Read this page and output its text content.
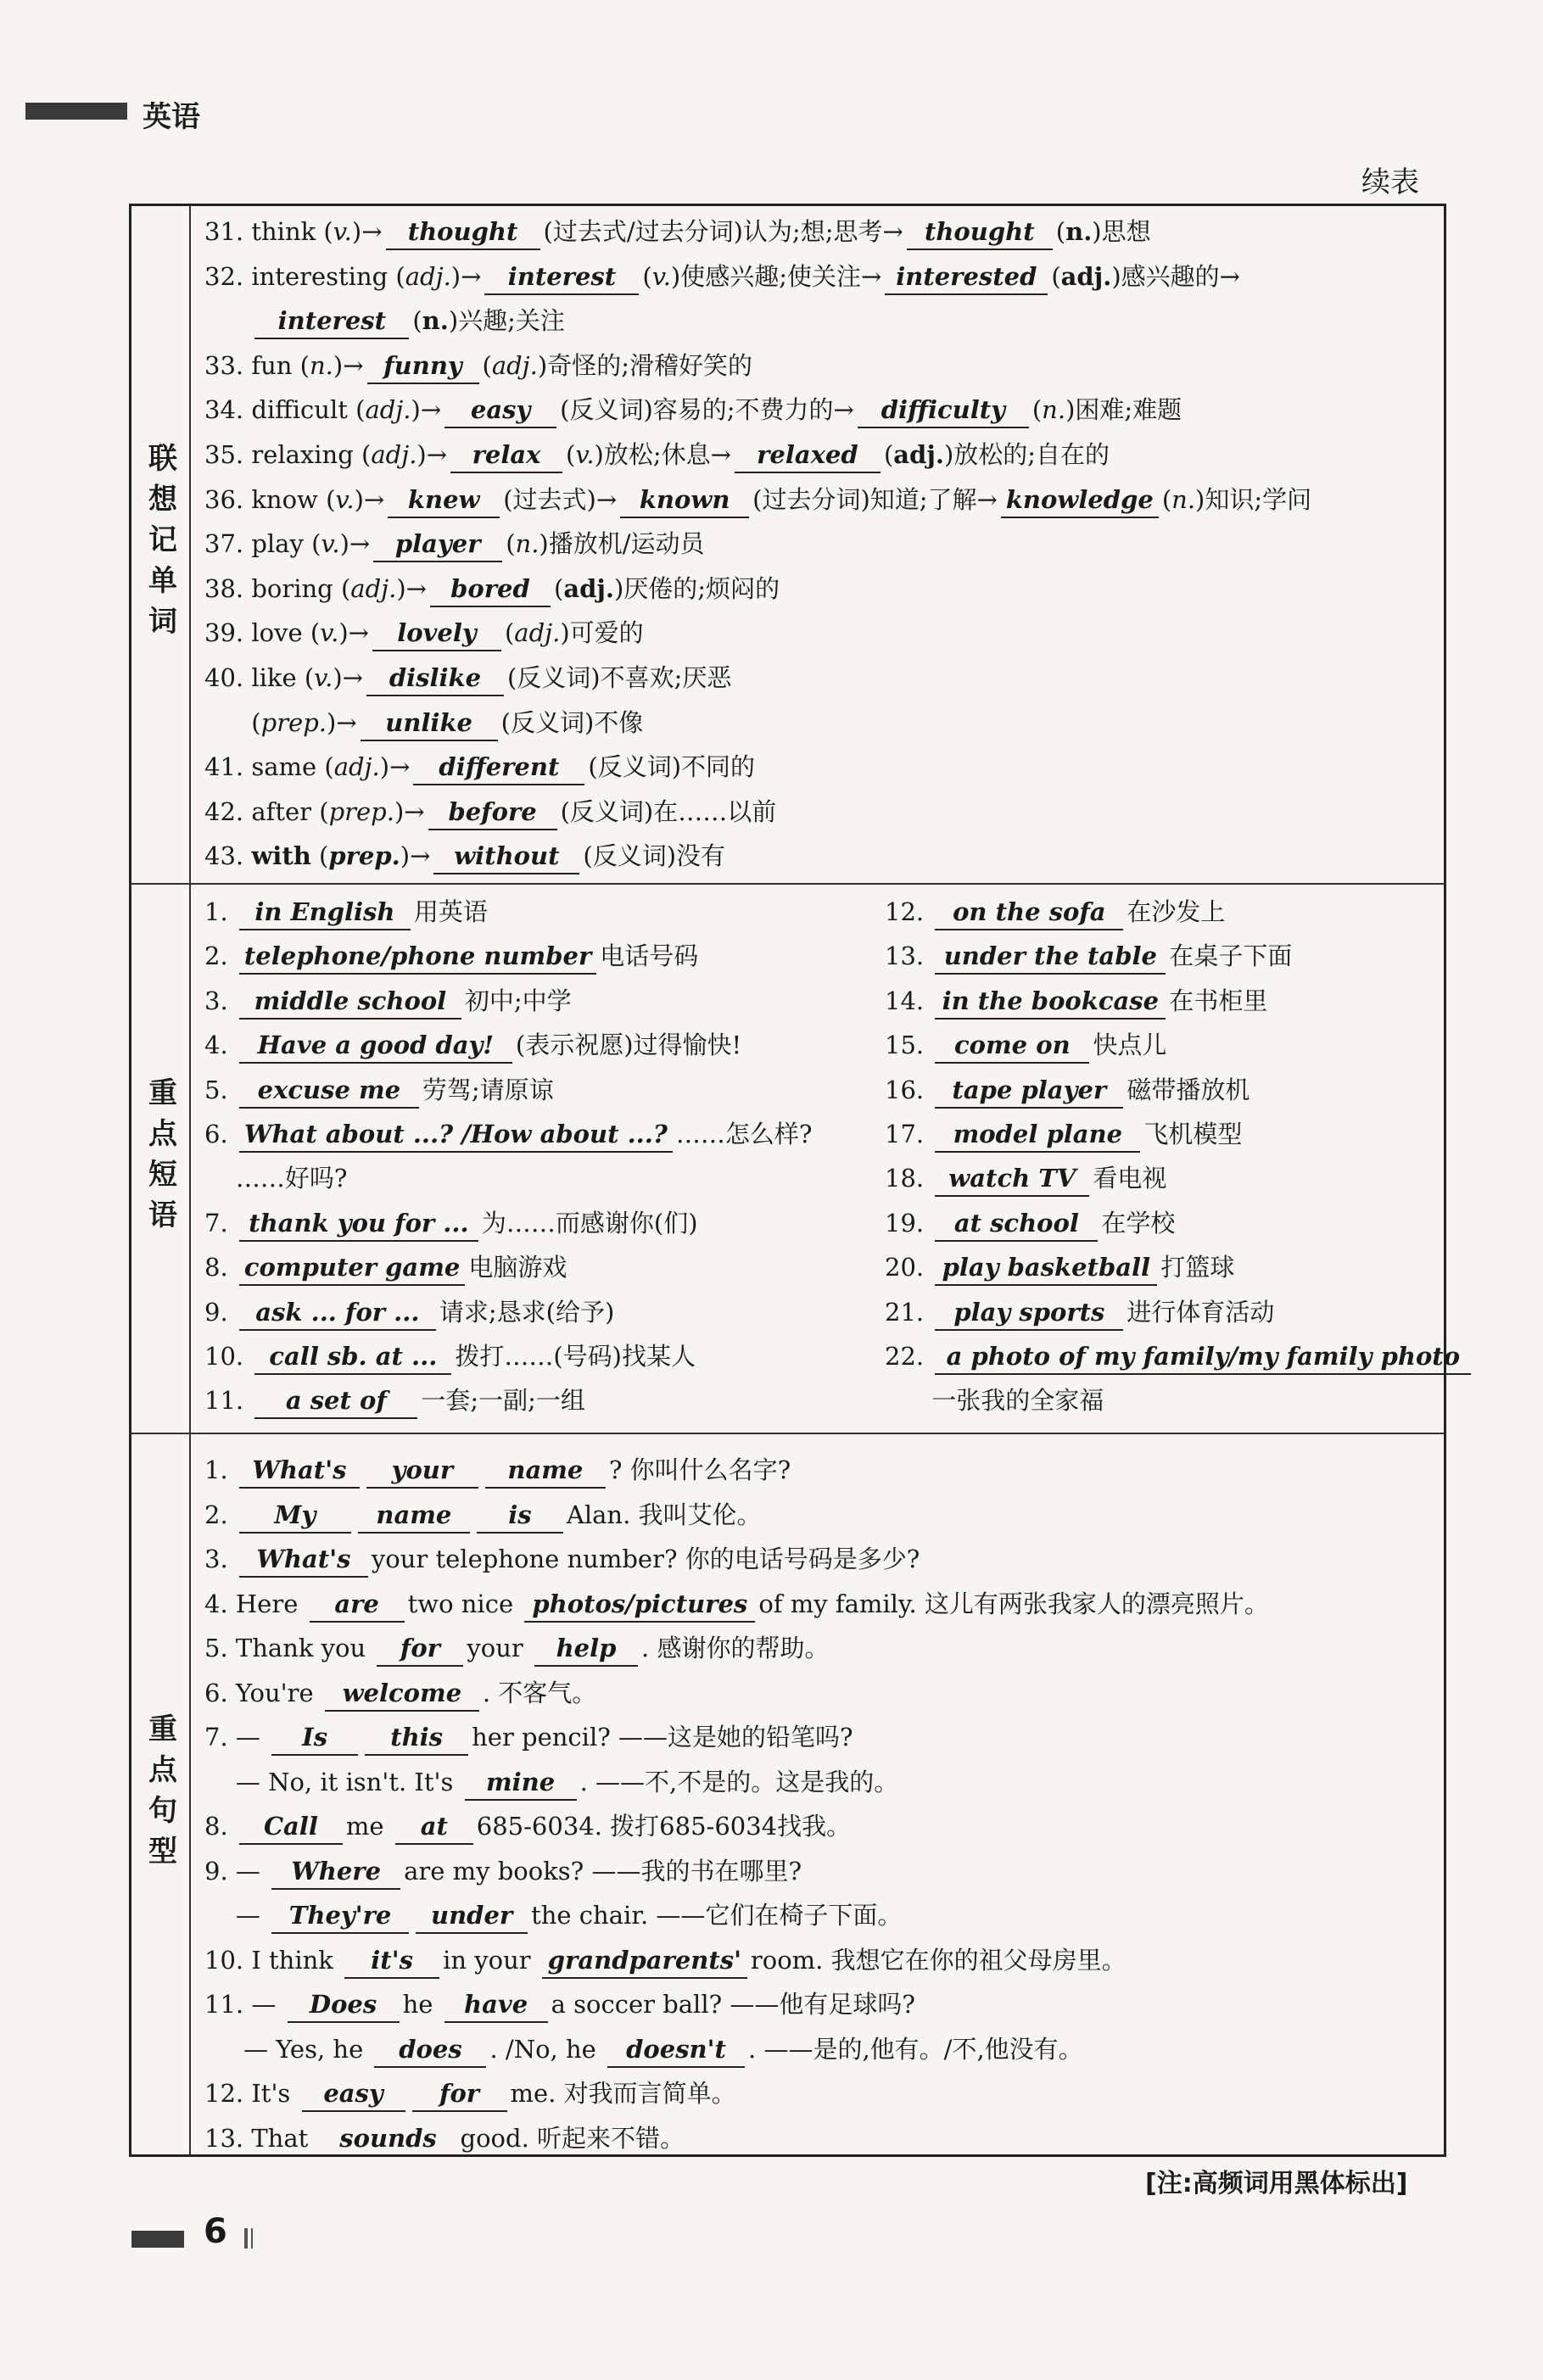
英语
续表
联想记单词
31. think (v.)→ thought (过去式/过去分词)认为;想;思考→ thought (n.)思想
32. interesting (adj.)→ interest (v.)使感兴趣;使关注→ interested (adj.)感兴趣的→
interest (n.)兴趣;关注
33. fun (n.)→ funny (adj.)奇怪的;滑稽好笑的
34. difficult (adj.)→ easy (反义词)容易的;不费力的→ difficulty (n.)困难;难题
35. relaxing (adj.)→ relax (v.)放松;休息→ relaxed (adj.)放松的;自在的
36. know (v.)→ knew (过去式)→ known (过去分词)知道;了解→ knowledge (n.)知识;学问
37. play (v.)→ player (n.)播放机/运动员
38. boring (adj.)→ bored (adj.)厌倦的;烦闷的
39. love (v.)→ lovely (adj.)可爱的
40. like (v.)→ dislike (反义词)不喜欢;厌恶
(prep.)→ unlike (反义词)不像
41. same (adj.)→ different (反义词)不同的
42. after (prep.)→ before (反义词)在……以前
43. with (prep.)→ without (反义词)没有
重点短语
1. in English 用英语
2. telephone/phone number 电话号码
3. middle school 初中;中学
4. Have a good day! (表示祝愿)过得愉快!
5. excuse me 劳驾;请原谅
6. What about ...? /How about ...? ……怎么样?
……好吗?
7. thank you for ... 为……而感谢你(们)
8. computer game 电脑游戏
9. ask ... for ... 请求;恳求(给予)
10. call sb. at ... 拨打……(号码)找某人
11. a set of 一套;一副;一组
12. on the sofa 在沙发上
13. under the table 在桌子下面
14. in the bookcase 在书柜里
15. come on 快点儿
16. tape player 磁带播放机
17. model plane 飞机模型
18. watch TV 看电视
19. at school 在学校
20. play basketball 打篮球
21. play sports 进行体育活动
22. a photo of my family/my family photo
一张我的全家福
重点句型
1. What's your name ? 你叫什么名字?
2. My name is Alan. 我叫艾伦。
3. What's your telephone number? 你的电话号码是多少?
4. Here are two nice photos/pictures of my family. 这儿有两张我家人的漂亮照片。
5. Thank you for your help . 感谢你的帮助。
6. You're welcome . 不客气。
7. — Is	this her pencil? ——这是她的铅笔吗?
— No, it isn't. It's mine . ——不,不是的。这是我的。
8. Call me at 685-6034. 拨打685-6034找我。
9. — Where are my books? ——我的书在哪里?
— They're under the chair. ——它们在椅子下面。
10. I think it's in your grandparents' room. 我想它在你的祖父母房里。
11. — Does he have a soccer ball? ——他有足球吗?
— Yes, he does . /No, he doesn't . ——是的,他有。/不,他没有。
12. It's easy for me. 对我而言简单。
13. That sounds good. 听起来不错。
[注:高频词用黑体标出]
6
